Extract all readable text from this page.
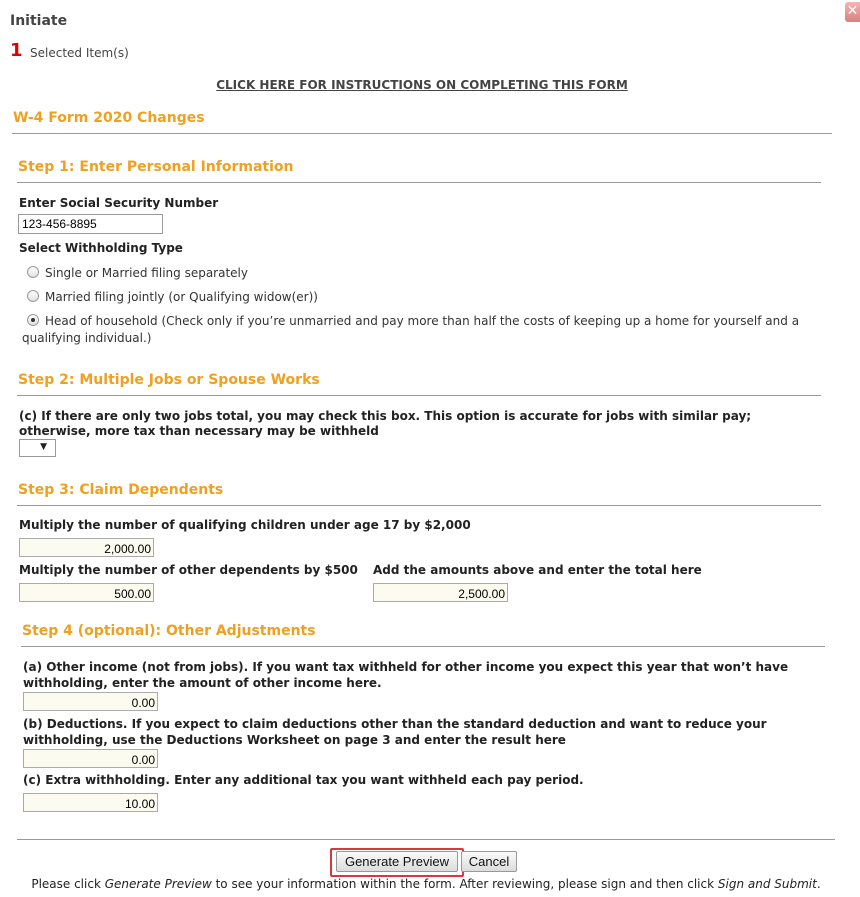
Initiate
✕
1 Selected Item(s)
CLICK HERE FOR INSTRUCTIONS ON COMPLETING THIS FORM
W-4 Form 2020 Changes
Step 1: Enter Personal Information
Enter Social Security Number
123-456-8895
Select Withholding Type
Single or Married filing separately
Married filing jointly (or Qualifying widow(er))
Head of household (Check only if you’re unmarried and pay more than half the costs of keeping up a home for yourself and a
qualifying individual.)
Step 2: Multiple Jobs or Spouse Works
(c) If there are only two jobs total, you may check this box. This option is accurate for jobs with similar pay;
otherwise, more tax than necessary may be withheld
▼
Step 3: Claim Dependents
Multiply the number of qualifying children under age 17 by $2,000
2,000.00
Multiply the number of other dependents by $500
500.00 Add the amounts above and enter the total here
2,500.00
Step 4 (optional): Other Adjustments
(a) Other income (not from jobs). If you want tax withheld for other income you expect this year that won’t have
withholding, enter the amount of other income here.
0.00
(b) Deductions. If you expect to claim deductions other than the standard deduction and want to reduce your
withholding, use the Deductions Worksheet on page 3 and enter the result here
0.00
(c) Extra withholding. Enter any additional tax you want withheld each pay period.
10.00
Generate Preview	Cancel
Please click Generate Preview to see your information within the form. After reviewing, please sign and then click Sign and Submit.
